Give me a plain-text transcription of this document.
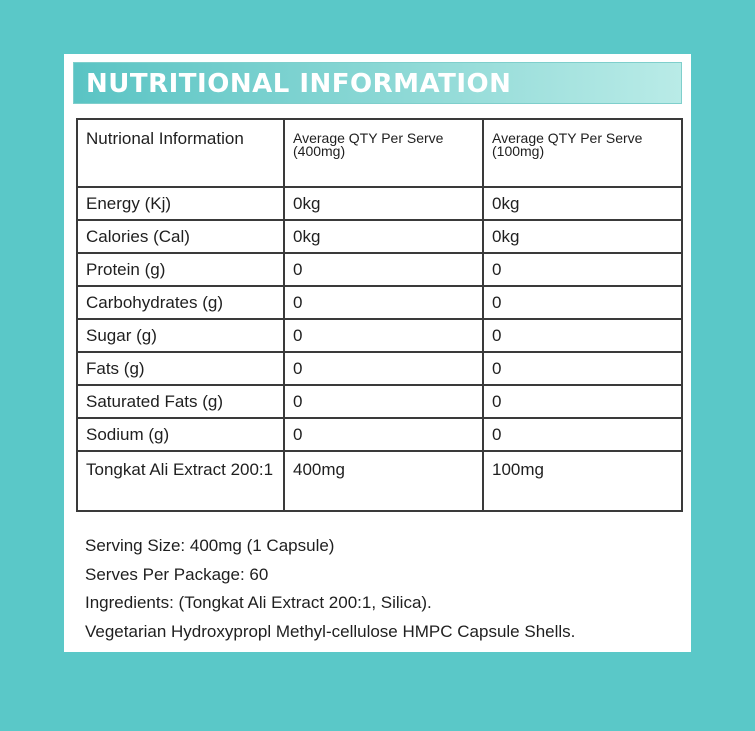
NUTRITIONAL INFORMATION
Nutrional Information	Average QTY Per Serve (400mg)	Average QTY Per Serve (100mg)
Energy (Kj)	0kg	0kg
Calories (Cal)	0kg	0kg
Protein (g)	0	0
Carbohydrates (g)	0	0
Sugar (g)	0	0
Fats (g)	0	0
Saturated Fats (g)	0	0
Sodium (g)	0	0
Tongkat Ali Extract 200:1	400mg	100mg
Serving Size: 400mg (1 Capsule)
Serves Per Package: 60
Ingredients: (Tongkat Ali Extract 200:1, Silica).
Vegetarian Hydroxypropl Methyl-cellulose HMPC Capsule Shells.
